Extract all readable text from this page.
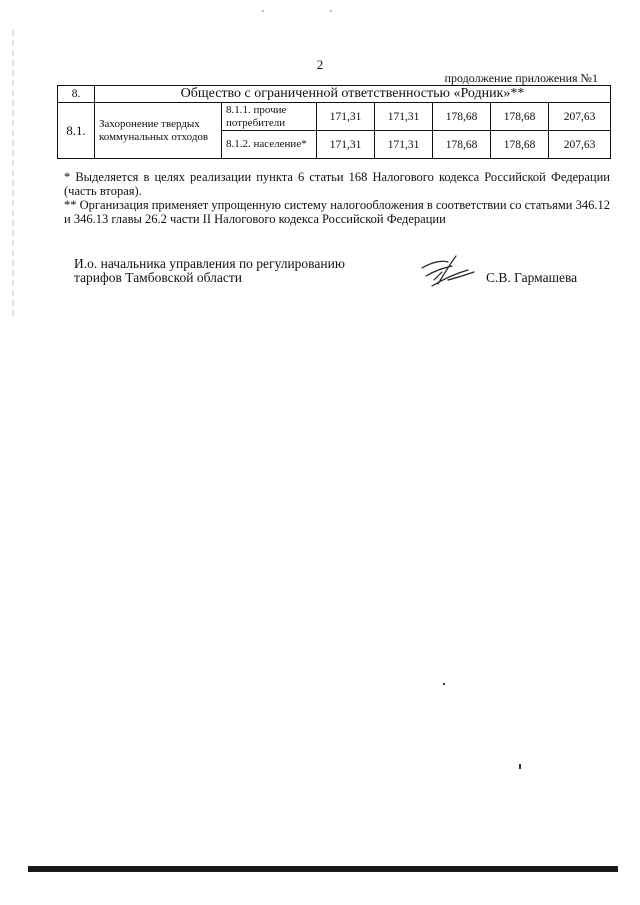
2
продолжение приложения №1
8.	Общество с ограниченной ответственностью «Родник»**						
8.1.	Захоронение твердых коммунальных отходов	8.1.1. прочие потребители	171,31	171,31	178,68	178,68	207,63
		8.1.2. население*	171,31	171,31	178,68	178,68	207,63
* Выделяется в целях реализации пункта 6 статьи 168 Налогового кодекса Российской Федерации (часть вторая).
** Организация применяет упрощенную систему налогообложения в соответствии со статьями 346.12 и 346.13 главы 26.2 части II Налогового кодекса Российской Федерации
И.о. начальника управления по регулированию
тарифов Тамбовской области	С.В. Гармашева
